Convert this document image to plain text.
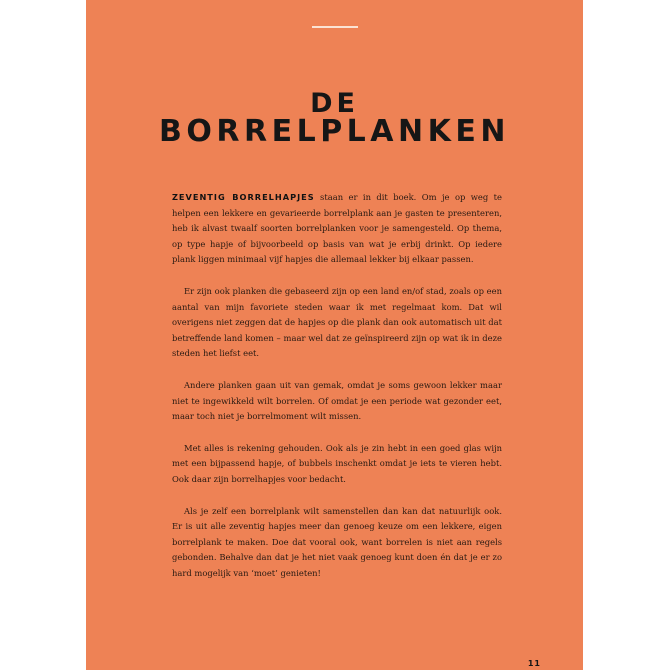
DE
BORRELPLANKEN

ZEVENTIG BORRELHAPJES staan er in dit boek. Om je op weg te helpen een lekkere en gevarieerde borrelplank aan je gasten te presenteren, heb ik alvast twaalf soorten borrelplanken voor je samengesteld. Op thema, op type hapje of bijvoorbeeld op basis van wat je erbij drinkt. Op iedere plank liggen minimaal vijf hapjes die allemaal lekker bij elkaar passen.

Er zijn ook planken die gebaseerd zijn op een land en/of stad, zoals op een aantal van mijn favoriete steden waar ik met regelmaat kom. Dat wil overigens niet zeggen dat de hapjes op die plank dan ook automatisch uit dat betreffende land komen – maar wel dat ze geïnspireerd zijn op wat ik in deze steden het liefst eet.

Andere planken gaan uit van gemak, omdat je soms gewoon lekker maar niet te ingewikkeld wilt borrelen. Of omdat je een periode wat gezonder eet, maar toch niet je borrelmoment wilt missen.

Met alles is rekening gehouden. Ook als je zin hebt in een goed glas wijn met een bijpassend hapje, of bubbels inschenkt omdat je iets te vieren hebt. Ook daar zijn borrelhapjes voor bedacht.

Als je zelf een borrelplank wilt samenstellen dan kan dat natuurlijk ook. Er is uit alle zeventig hapjes meer dan genoeg keuze om een lekkere, eigen borrelplank te maken. Doe dat vooral ook, want borrelen is niet aan regels gebonden. Behalve dan dat je het niet vaak genoeg kunt doen én dat je er zo hard mogelijk van ‘moet’ genieten!

11
